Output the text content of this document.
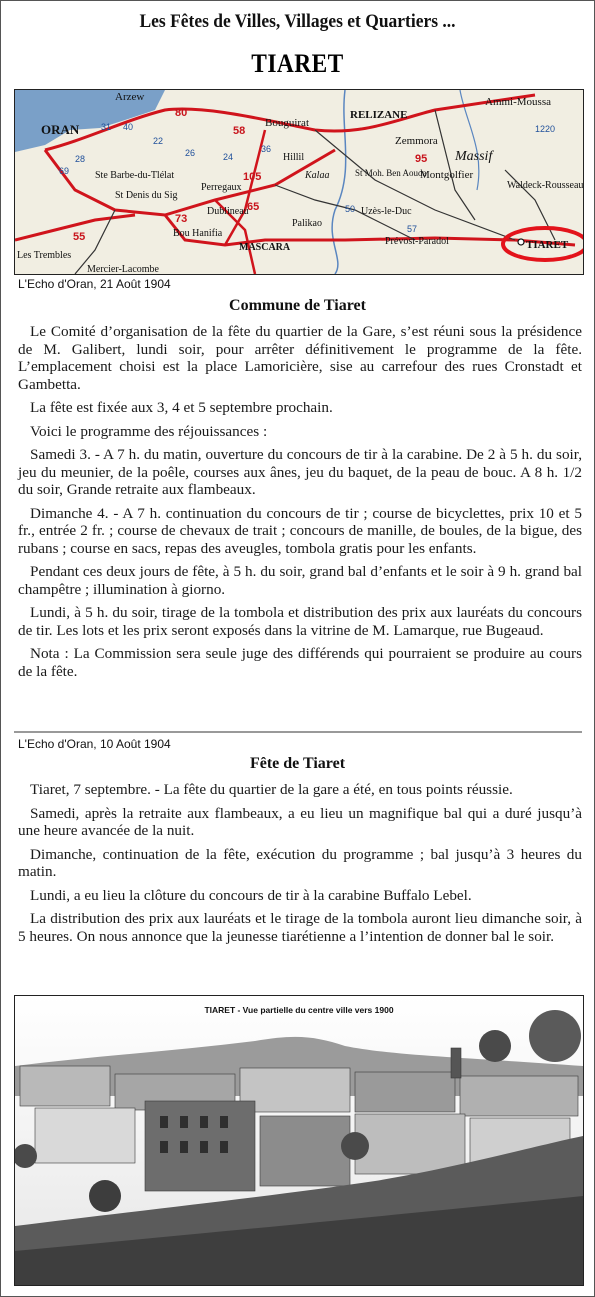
Les Fêtes de Villes, Villages et Quartiers ...
TIARET
ORAN
Arzew
Bouguirat
RELIZANE
Ammi-Moussa
Zemmora
Massif
Montgolfier
Waldeck-Rousseau
Ste Barbe-du-Tlélat
St Denis du Sig
Perregaux
Dublineau
Bou Hanifia
MASCARA
Uzès-le-Duc
Palikao
Prévost-Paradol
Mercier-Lacombe
Les Trembles
St Moh. Ben Aouda
Kalaa
Hillil
80
58
105
65
73
55
95
50
57
31
69
28
40
22
26	24
36
1220
TIARET
L'Echo d'Oran, 21 Août 1904
Commune de Tiaret

Le Comité d’organisation de la fête du quartier de la Gare, s’est réuni sous la présidence de M. Galibert, lundi soir, pour arrêter définitivement le programme de la fête. L’emplacement choisi est la place Lamoricière, sise au carrefour des rues Cronstadt et Gambetta.

La fête est fixée aux 3, 4 et 5 septembre prochain.

Voici le programme des réjouissances :

Samedi 3. - A 7 h. du matin, ouverture du concours de tir à la carabine. De 2 à 5 h. du soir, jeu du meunier, de la poêle, courses aux ânes, jeu du baquet, de la peau de bouc. A 8 h. 1/2 du soir, Grande retraite aux flambeaux.

Dimanche 4. - A 7 h. continuation du concours de tir ; course de bicyclettes, prix 10 et 5 fr., entrée 2 fr. ; course de chevaux de trait ; concours de manille, de boules, de la bigue, des rubans ; course en sacs, repas des aveugles, tombola gratis pour les enfants.

Pendant ces deux jours de fête, à 5 h. du soir, grand bal d’enfants et le soir à 9 h. grand bal champêtre ; illumination à giorno.

Lundi, à 5 h. du soir, tirage de la tombola et distribution des prix aux lauréats du concours de tir. Les lots et les prix seront exposés dans la vitrine de M. Lamarque, rue Bugeaud.

Nota : La Commission sera seule juge des différends qui pourraient se produire au cours de la fête.

L'Echo d'Oran, 10 Août 1904
Fête de Tiaret

Tiaret, 7 septembre. - La fête du quartier de la gare a été, en tous points réussie.

Samedi, après la retraite aux flambeaux, a eu lieu un magnifique bal qui a duré jusqu’à une heure avancée de la nuit.

Dimanche, continuation de la fête, exécution du programme ; bal jusqu’à 3 heures du matin.

Lundi, a eu lieu la clôture du concours de tir à la carabine Buffalo Lebel.

La distribution des prix aux lauréats et le tirage de la tombola auront lieu dimanche soir, à 5 heures. On nous annonce que la jeunesse tiarétienne a l’intention de donner bal le soir.

TIARET - Vue partielle du centre ville vers 1900
